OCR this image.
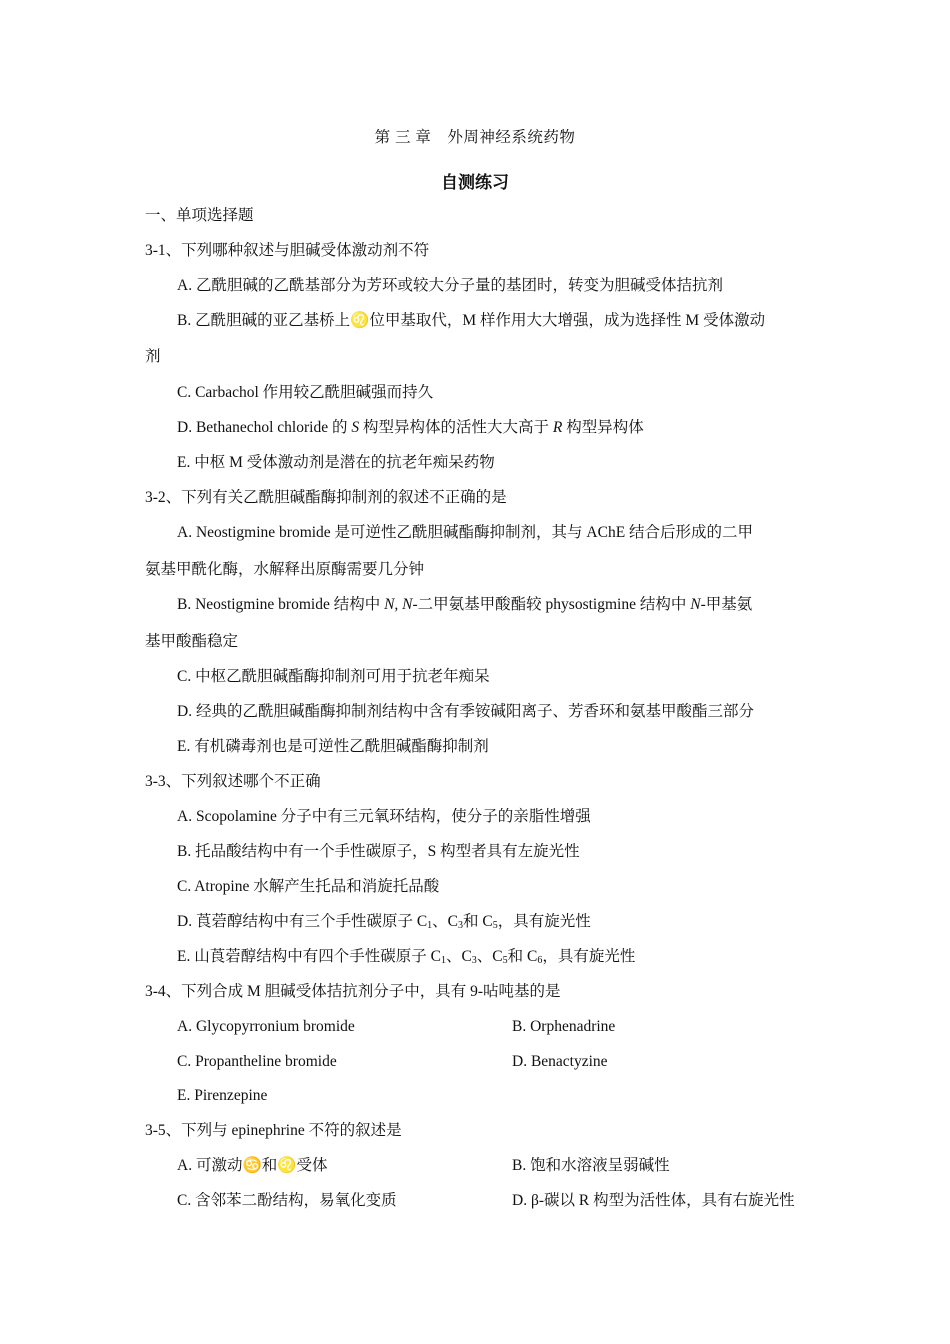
第 三 章　外周神经系统药物
自测练习
一、单项选择题
3-1、下列哪种叙述与胆碱受体激动剂不符
A. 乙酰胆碱的乙酰基部分为芳环或较大分子量的基团时，转变为胆碱受体拮抗剂
B. 乙酰胆碱的亚乙基桥上♌位甲基取代，M 样作用大大增强，成为选择性 M 受体激动
剂
C. Carbachol 作用较乙酰胆碱强而持久
D. Bethanechol chloride 的 S 构型异构体的活性大大高于 R 构型异构体
E. 中枢 M 受体激动剂是潜在的抗老年痴呆药物
3-2、下列有关乙酰胆碱酯酶抑制剂的叙述不正确的是
A. Neostigmine bromide 是可逆性乙酰胆碱酯酶抑制剂，其与 AChE 结合后形成的二甲
氨基甲酰化酶，水解释出原酶需要几分钟
B. Neostigmine bromide 结构中 N, N-二甲氨基甲酸酯较 physostigmine 结构中 N-甲基氨
基甲酸酯稳定
C. 中枢乙酰胆碱酯酶抑制剂可用于抗老年痴呆
D. 经典的乙酰胆碱酯酶抑制剂结构中含有季铵碱阳离子、芳香环和氨基甲酸酯三部分
E. 有机磷毒剂也是可逆性乙酰胆碱酯酶抑制剂
3-3、下列叙述哪个不正确
A. Scopolamine 分子中有三元氧环结构，使分子的亲脂性增强
B. 托品酸结构中有一个手性碳原子，S 构型者具有左旋光性
C. Atropine 水解产生托品和消旋托品酸
D. 莨菪醇结构中有三个手性碳原子 $C_1$、$C_3$和 $C_5$，具有旋光性
E. 山莨菪醇结构中有四个手性碳原子 $C_1$、$C_3$、$C_5$和 $C_6$，具有旋光性
3-4、下列合成 M 胆碱受体拮抗剂分子中，具有 9-呫吨基的是
A. Glycopyrronium bromide	B. Orphenadrine
C. Propantheline bromide	D. Benactyzine
E. Pirenzepine
3-5、下列与 epinephrine 不符的叙述是
A. 可激动♋和♌受体	B. 饱和水溶液呈弱碱性
C. 含邻苯二酚结构，易氧化变质	D. β-碳以 R 构型为活性体，具有右旋光性
